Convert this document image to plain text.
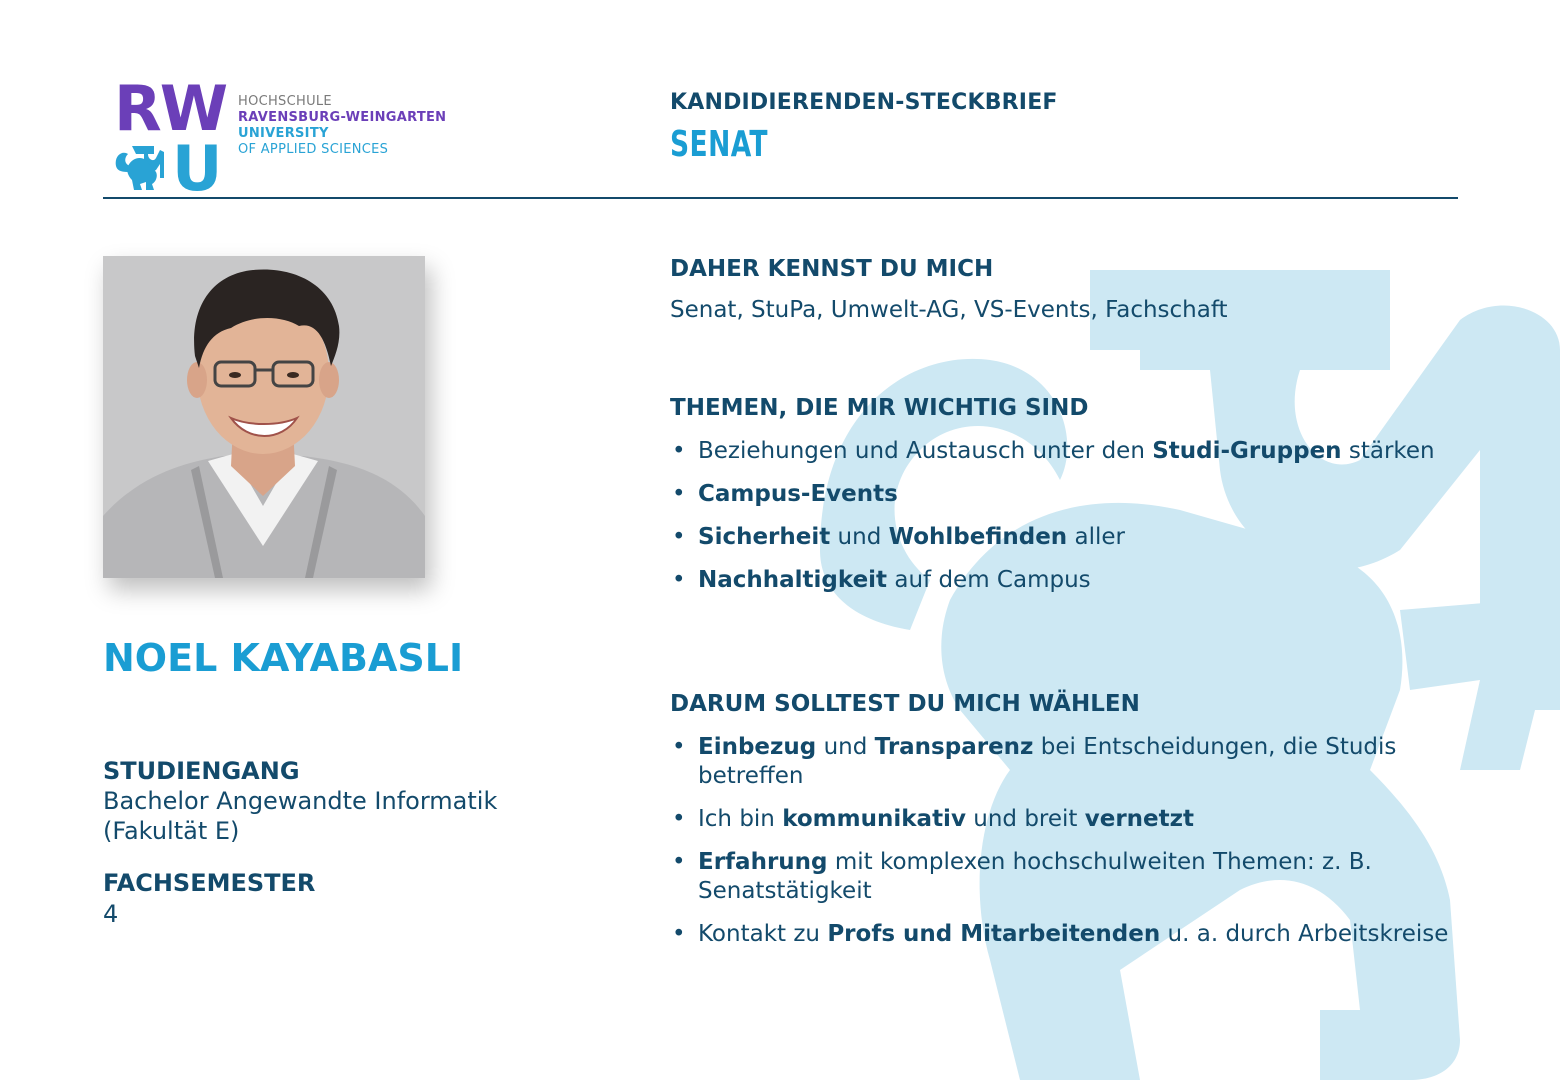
RW
U
HOCHSCHULE
RAVENSBURG-WEINGARTEN
UNIVERSITY
OF APPLIED SCIENCES
KANDIDIERENDEN-STECKBRIEF
SENAT
NOEL KAYABASLI
STUDIENGANG
Bachelor Angewandte Informatik
(Fakultät E)
FACHSEMESTER
4
DAHER KENNST DU MICH
Senat, StuPa, Umwelt-AG, VS-Events, Fachschaft
THEMEN, DIE MIR WICHTIG SIND
• Beziehungen und Austausch unter den Studi-Gruppen stärken
• Campus-Events
• Sicherheit und Wohlbefinden aller
• Nachhaltigkeit auf dem Campus
DARUM SOLLTEST DU MICH WÄHLEN
• Einbezug und Transparenz bei Entscheidungen, die Studis betreffen
• Ich bin kommunikativ und breit vernetzt
• Erfahrung mit komplexen hochschulweiten Themen: z. B. Senatstätigkeit
• Kontakt zu Profs und Mitarbeitenden u. a. durch Arbeitskreise
